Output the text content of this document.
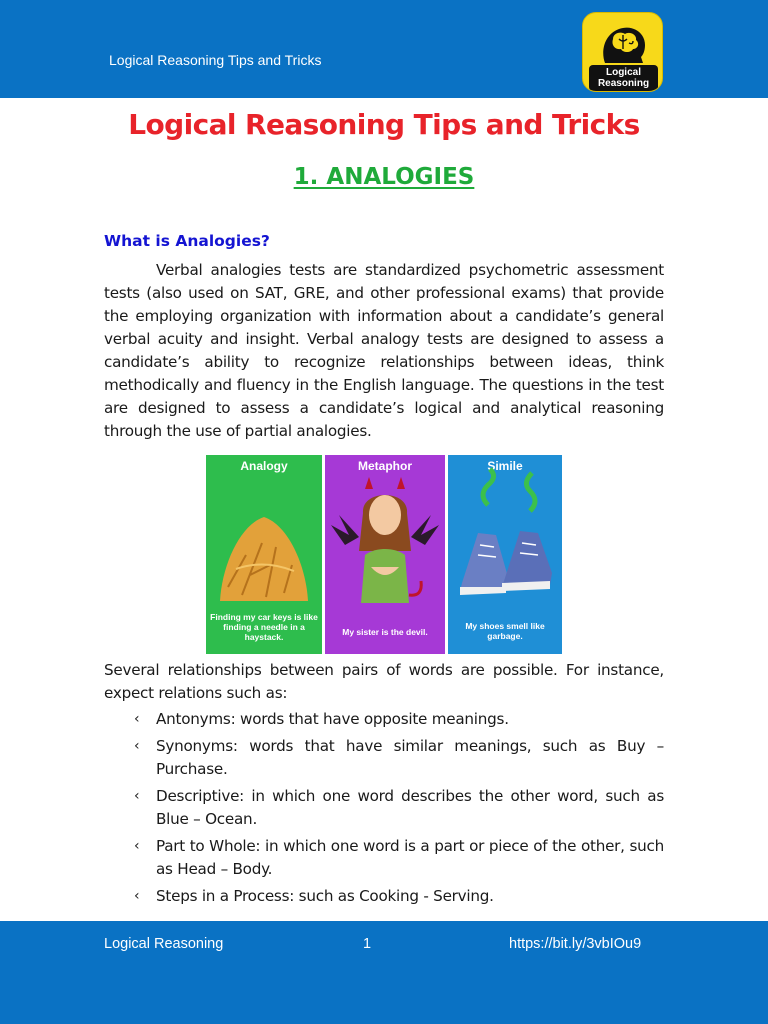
Logical Reasoning Tips and Tricks
Logical
Reasoning
Logical Reasoning Tips and Tricks
1. ANALOGIES
What is Analogies?

Verbal analogies tests are standardized psychometric assessment tests (also used on SAT, GRE, and other professional exams) that provide the employing organization with information about a candidate’s general verbal acuity and insight. Verbal analogy tests are designed to assess a candidate’s ability to recognize relationships between ideas, think methodically and fluency in the English language. The questions in the test are designed to assess a candidate’s logical and analytical reasoning through the use of partial analogies.

Analogy
Finding my car keys is like finding a needle in a haystack.
Metaphor
My sister is the devil.
Simile
My shoes smell like garbage.

Several relationships between pairs of words are possible. For instance, expect relations such as:

‹ Antonyms: words that have opposite meanings.
‹ Synonyms: words that have similar meanings, such as Buy – Purchase.
‹ Descriptive: in which one word describes the other word, such as Blue – Ocean.
‹ Part to Whole: in which one word is a part or piece of the other, such as Head – Body.
‹ Steps in a Process: such as Cooking - Serving.
Logical Reasoning	1	https://bit.ly/3vbIOu9
